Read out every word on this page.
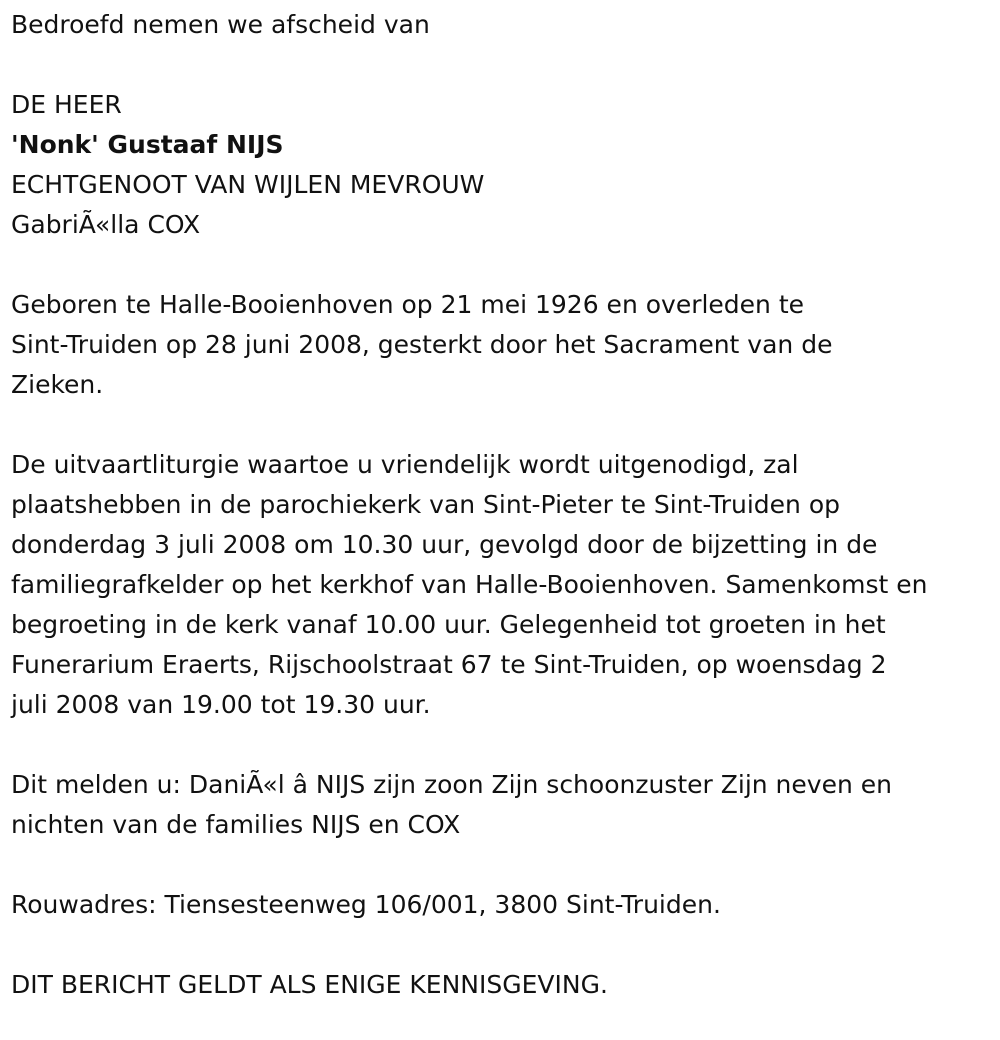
Bedroefd nemen we afscheid van
DE HEER
'Nonk' Gustaaf NIJS
ECHTGENOOT VAN WIJLEN MEVROUW
GabriÃ«lla COX
Geboren te Halle-Booienhoven op 21 mei 1926 en overleden te
Sint-Truiden op 28 juni 2008, gesterkt door het Sacrament van de
Zieken.
De uitvaartliturgie waartoe u vriendelijk wordt uitgenodigd, zal
plaatshebben in de parochiekerk van Sint-Pieter te Sint-Truiden op
donderdag 3 juli 2008 om 10.30 uur, gevolgd door de bijzetting in de
familiegrafkelder op het kerkhof van Halle-Booienhoven. Samenkomst en
begroeting in de kerk vanaf 10.00 uur. Gelegenheid tot groeten in het
Funerarium Eraerts, Rijschoolstraat 67 te Sint-Truiden, op woensdag 2
juli 2008 van 19.00 tot 19.30 uur.
Dit melden u: DaniÃ«l â NIJS zijn zoon Zijn schoonzuster Zijn neven en
nichten van de families NIJS en COX
Rouwadres: Tiensesteenweg 106/001, 3800 Sint-Truiden.
DIT BERICHT GELDT ALS ENIGE KENNISGEVING.
